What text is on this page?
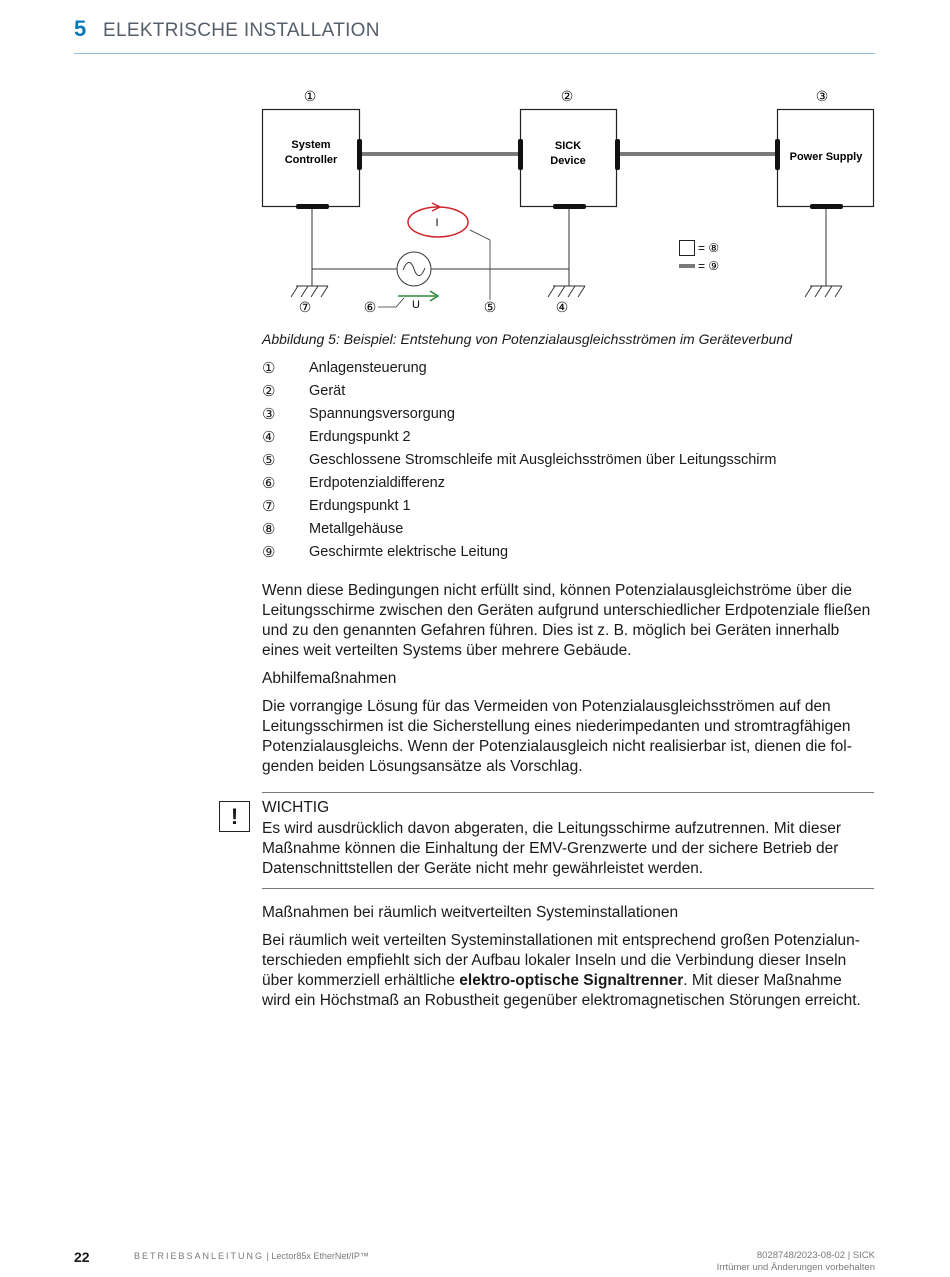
5 ELEKTRISCHE INSTALLATION
①	②	③
System
Controller
SICK
Device	Power Supply
I
U
⑦	⑥	⑤	④
= ⑧
= ⑨
Abbildung 5: Beispiel: Entstehung von Potenzialausgleichsströmen im Geräteverbund
①	Anlagensteuerung
②	Gerät
③	Spannungsversorgung
④	Erdungspunkt 2
⑤	Geschlossene Stromschleife mit Ausgleichsströmen über Leitungsschirm
⑥	Erdpotenzialdifferenz
⑦	Erdungspunkt 1
⑧	Metallgehäuse
⑨	Geschirmte elektrische Leitung
Wenn diese Bedingungen nicht erfüllt sind, können Potenzialausgleichströme über die Leitungsschirme zwischen den Geräten aufgrund unterschiedlicher Erdpotenziale fließen und zu den genannten Gefahren führen. Dies ist z. B. möglich bei Geräten innerhalb eines weit verteilten Systems über mehrere Gebäude.
Abhilfemaßnahmen
Die vorrangige Lösung für das Vermeiden von Potenzialausgleichsströmen auf den Leitungsschirmen ist die Sicherstellung eines niederimpedanten und stromtragfähigen Potenzialausgleichs. Wenn der Potenzialausgleich nicht realisierbar ist, dienen die folgenden beiden Lösungsansätze als Vorschlag.
!	WICHTIG
Es wird ausdrücklich davon abgeraten, die Leitungsschirme aufzutrennen. Mit dieser Maßnahme können die Einhaltung der EMV-Grenzwerte und der sichere Betrieb der Datenschnittstellen der Geräte nicht mehr gewährleistet werden.
Maßnahmen bei räumlich weitverteilten Systeminstallationen
Bei räumlich weit verteilten Systeminstallationen mit entsprechend großen Potenzialunterschieden empfiehlt sich der Aufbau lokaler Inseln und die Verbindung dieser Inseln über kommerziell erhältliche elektro-optische Signaltrenner. Mit dieser Maßnahme wird ein Höchstmaß an Robustheit gegenüber elektromagnetischen Störungen erreicht.
22	BETRIEBSANLEITUNG | Lector85x EtherNet/IP™	8028748/2023-08-02 | SICK
Irrtümer und Änderungen vorbehalten
